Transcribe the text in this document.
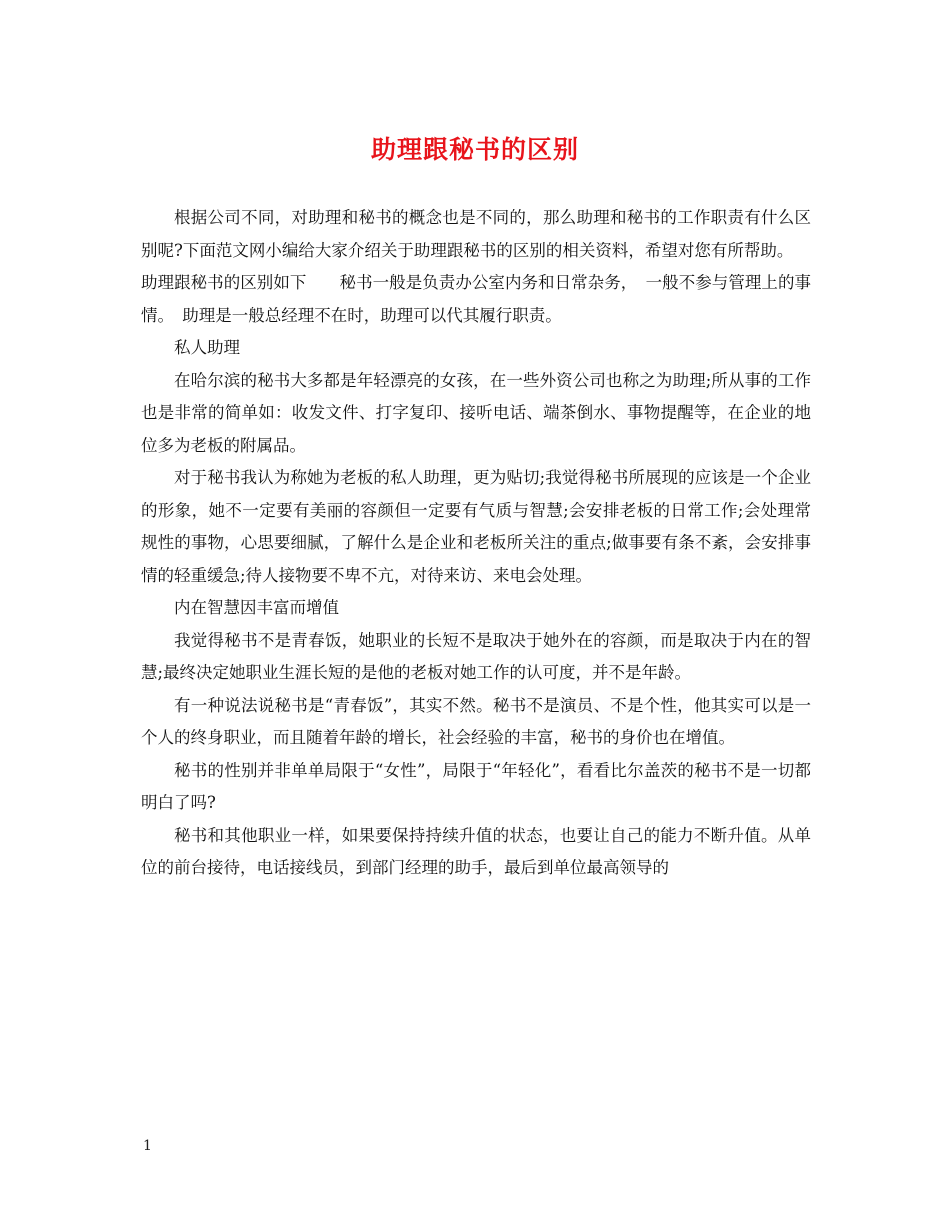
助理跟秘书的区别

根据公司不同，对助理和秘书的概念也是不同的，那么助理和秘书的工作职责有什么区别呢?下面范文网小编给大家介绍关于助理跟秘书的区别的相关资料，希望对您有所帮助。

助理跟秘书的区别如下　　秘书一般是负责办公室内务和日常杂务，　一般不参与管理上的事情。　助理是一般总经理不在时，助理可以代其履行职责。

私人助理

在哈尔滨的秘书大多都是年轻漂亮的女孩，在一些外资公司也称之为助理;所从事的工作也是非常的简单如：收发文件、打字复印、接听电话、端茶倒水、事物提醒等，在企业的地位多为老板的附属品。

对于秘书我认为称她为老板的私人助理，更为贴切;我觉得秘书所展现的应该是一个企业的形象，她不一定要有美丽的容颜但一定要有气质与智慧;会安排老板的日常工作;会处理常规性的事物，心思要细腻，了解什么是企业和老板所关注的重点;做事要有条不紊，会安排事情的轻重缓急;待人接物要不卑不亢，对待来访、来电会处理。

内在智慧因丰富而增值

我觉得秘书不是青春饭，她职业的长短不是取决于她外在的容颜，而是取决于内在的智慧;最终决定她职业生涯长短的是他的老板对她工作的认可度，并不是年龄。

有一种说法说秘书是“青春饭”，其实不然。秘书不是演员、不是个性，他其实可以是一个人的终身职业，而且随着年龄的增长，社会经验的丰富，秘书的身价也在增值。

秘书的性别并非单单局限于“女性”，局限于“年轻化”，看看比尔盖茨的秘书不是一切都明白了吗?

秘书和其他职业一样，如果要保持持续升值的状态，也要让自己的能力不断升值。从单位的前台接待，电话接线员，到部门经理的助手，最后到单位最高领导的

1
